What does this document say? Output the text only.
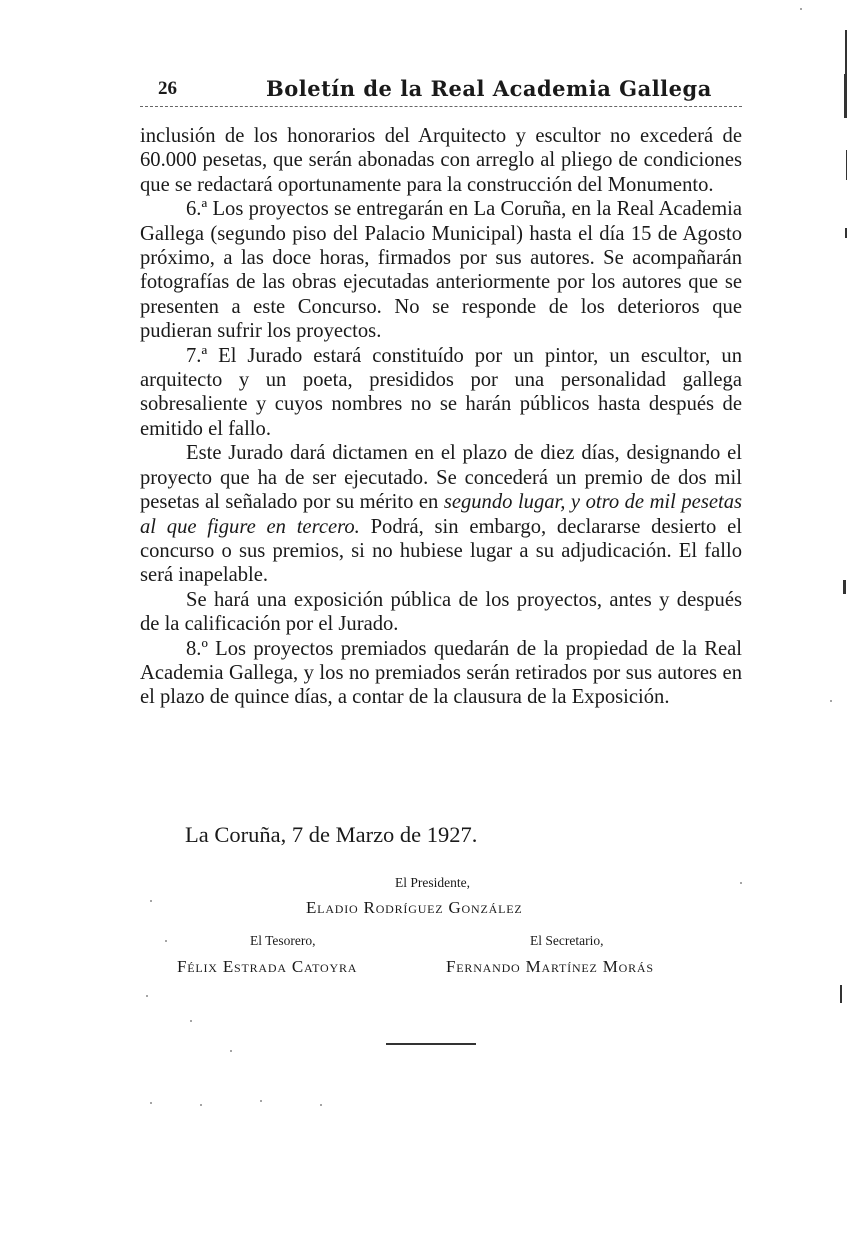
26	Boletín de la Real Academia Gallega

inclusión de los honorarios del Arquitecto y escultor no excederá de 60.000 pesetas, que serán abonadas con arreglo al pliego de condiciones que se redactará oportunamente para la construcción del Monumento.

6.ª Los proyectos se entregarán en La Coruña, en la Real Academia Gallega (segundo piso del Palacio Municipal) hasta el día 15 de Agosto próximo, a las doce horas, firmados por sus autores. Se acompañarán fotografías de las obras ejecutadas anteriormente por los autores que se presenten a este Concurso. No se responde de los deterioros que pudieran sufrir los proyectos.

7.ª El Jurado estará constituído por un pintor, un escultor, un arquitecto y un poeta, presididos por una personalidad gallega sobresaliente y cuyos nombres no se harán públicos hasta después de emitido el fallo.

Este Jurado dará dictamen en el plazo de diez días, designando el proyecto que ha de ser ejecutado. Se concederá un premio de dos mil pesetas al señalado por su mérito en segundo lugar, y otro de mil pesetas al que figure en tercero. Podrá, sin embargo, declararse desierto el concurso o sus premios, si no hubiese lugar a su adjudicación. El fallo será inapelable.

Se hará una exposición pública de los proyectos, antes y después de la calificación por el Jurado.

8.º Los proyectos premiados quedarán de la propiedad de la Real Academia Gallega, y los no premiados serán retirados por sus autores en el plazo de quince días, a contar de la clausura de la Exposición.

La Coruña, 7 de Marzo de 1927.
El Presidente,
Eladio Rodríguez González
El Tesorero,
Félix Estrada Catoyra
El Secretario,
Fernando Martínez Morás
